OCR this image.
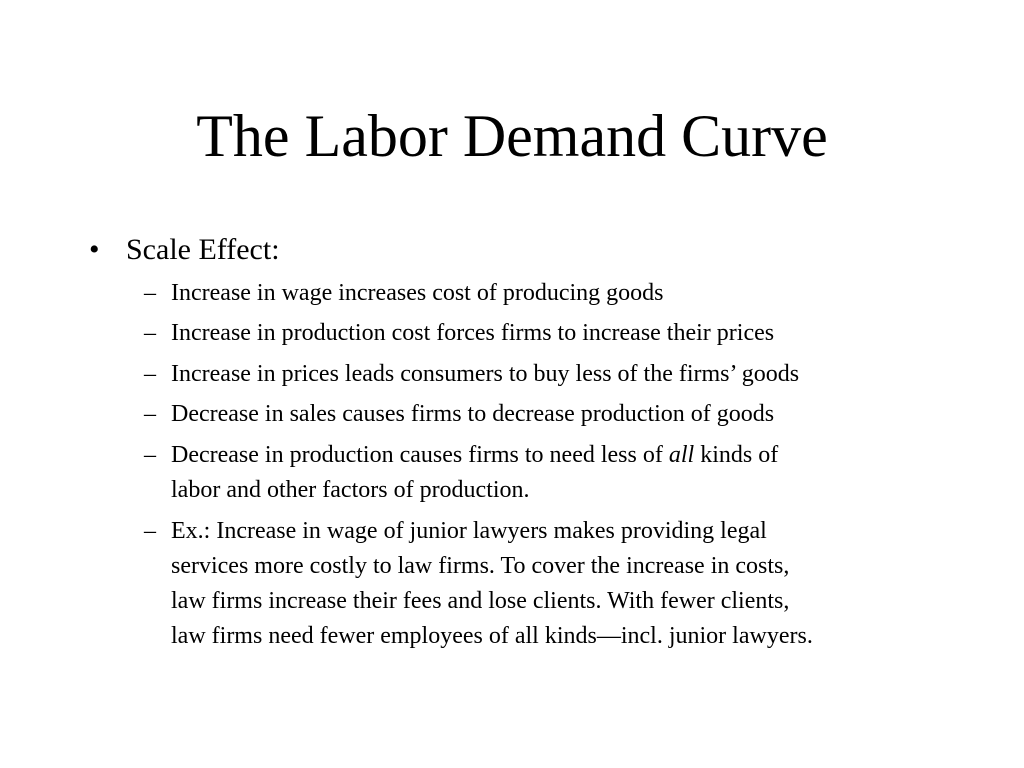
The Labor Demand Curve
• Scale Effect:
– Increase in wage increases cost of producing goods
– Increase in production cost forces firms to increase their prices
– Increase in prices leads consumers to buy less of the firms’ goods
– Decrease in sales causes firms to decrease production of goods
– Decrease in production causes firms to need less of all kinds of
labor and other factors of production.
– Ex.: Increase in wage of junior lawyers makes providing legal
services more costly to law firms. To cover the increase in costs,
law firms increase their fees and lose clients. With fewer clients,
law firms need fewer employees of all kinds—incl. junior lawyers.
